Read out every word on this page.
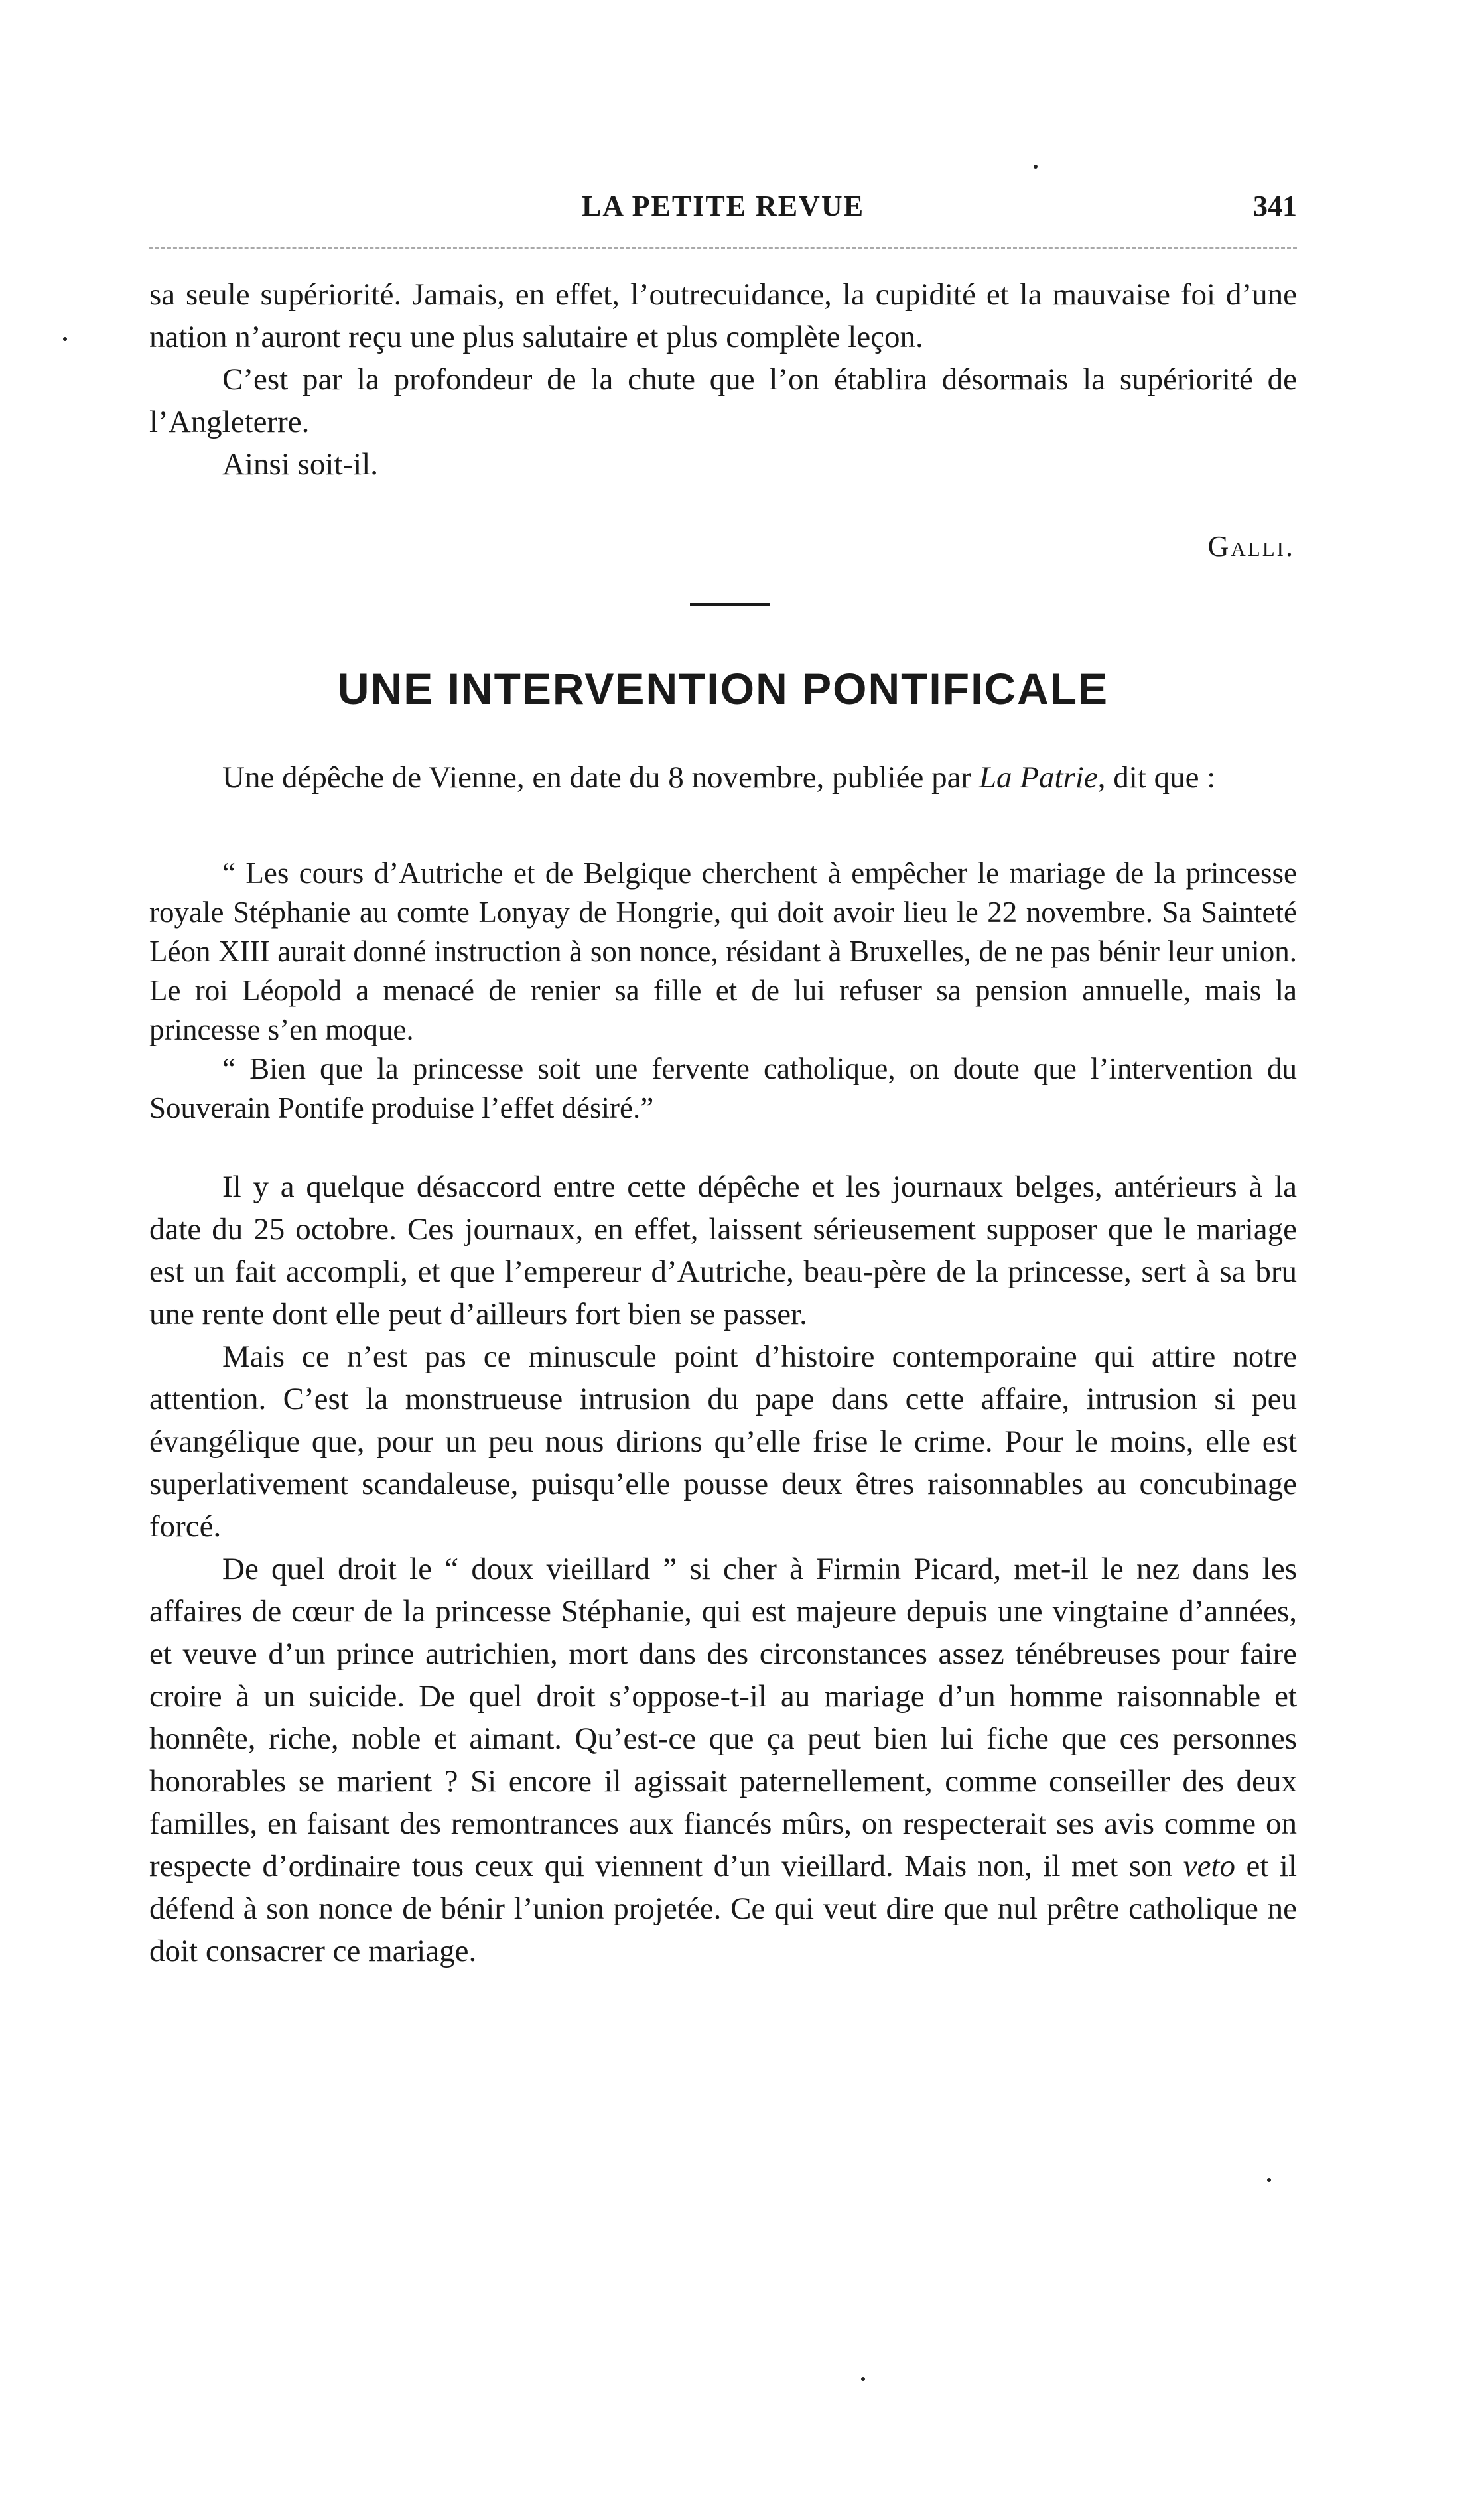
LA PETITE REVUE	341

sa seule supériorité. Jamais, en effet, l’outrecuidance, la cupidité et la mauvaise foi d’une nation n’auront reçu une plus salutaire et plus complète leçon.

C’est par la profondeur de la chute que l’on établira désormais la supériorité de l’Angleterre.

Ainsi soit-il.

Galli.
UNE INTERVENTION PONTIFICALE

Une dépêche de Vienne, en date du 8 novembre, publiée par La Patrie, dit que :

“ Les cours d’Autriche et de Belgique cherchent à empêcher le mariage de la princesse royale Stéphanie au comte Lonyay de Hongrie, qui doit avoir lieu le 22 novembre. Sa Sainteté Léon XIII aurait donné instruction à son nonce, résidant à Bruxelles, de ne pas bénir leur union. Le roi Léopold a menacé de renier sa fille et de lui refuser sa pension annuelle, mais la princesse s’en moque.

“ Bien que la princesse soit une fervente catholique, on doute que l’intervention du Souverain Pontife produise l’effet désiré.”

Il y a quelque désaccord entre cette dépêche et les journaux belges, antérieurs à la date du 25 octobre. Ces journaux, en effet, laissent sérieusement supposer que le mariage est un fait accompli, et que l’empereur d’Autriche, beau-père de la princesse, sert à sa bru une rente dont elle peut d’ailleurs fort bien se passer.

Mais ce n’est pas ce minuscule point d’histoire contemporaine qui attire notre attention. C’est la monstrueuse intrusion du pape dans cette affaire, intrusion si peu évangélique que, pour un peu nous dirions qu’elle frise le crime. Pour le moins, elle est superlativement scandaleuse, puisqu’elle pousse deux êtres raisonnables au concubinage forcé.

De quel droit le “ doux vieillard ” si cher à Firmin Picard, met-il le nez dans les affaires de cœur de la princesse Stéphanie, qui est majeure depuis une vingtaine d’années, et veuve d’un prince autrichien, mort dans des circonstances assez ténébreuses pour faire croire à un suicide. De quel droit s’oppose-t-il au mariage d’un homme raisonnable et honnête, riche, noble et aimant. Qu’est-ce que ça peut bien lui fiche que ces personnes honorables se marient ? Si encore il agissait paternellement, comme conseiller des deux familles, en faisant des remontrances aux fiancés mûrs, on respecterait ses avis comme on respecte d’ordinaire tous ceux qui viennent d’un vieillard. Mais non, il met son veto et il défend à son nonce de bénir l’union projetée. Ce qui veut dire que nul prêtre catholique ne doit consacrer ce mariage.
